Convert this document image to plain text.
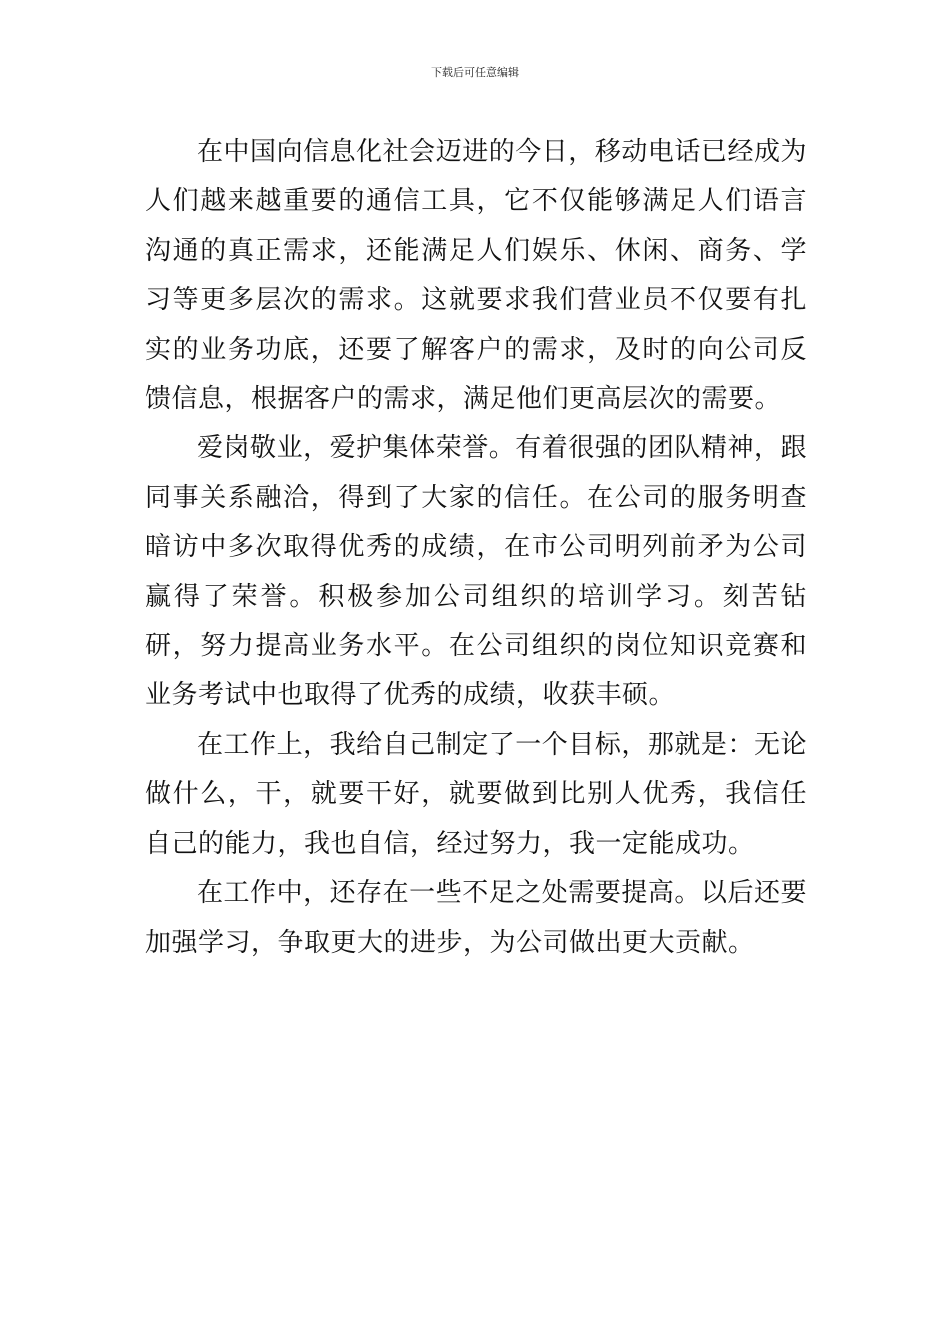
下载后可任意编辑

在中国向信息化社会迈进的今日，移动电话已经成为人们越来越重要的通信工具，它不仅能够满足人们语言沟通的真正需求，还能满足人们娱乐、休闲、商务、学习等更多层次的需求。这就要求我们营业员不仅要有扎实的业务功底，还要了解客户的需求，及时的向公司反馈信息，根据客户的需求，满足他们更高层次的需要。

爱岗敬业，爱护集体荣誉。有着很强的团队精神，跟同事关系融洽，得到了大家的信任。在公司的服务明查暗访中多次取得优秀的成绩，在市公司明列前矛为公司赢得了荣誉。积极参加公司组织的培训学习。刻苦钻研，努力提高业务水平。在公司组织的岗位知识竞赛和业务考试中也取得了优秀的成绩，收获丰硕。

在工作上，我给自己制定了一个目标，那就是：无论做什么，干，就要干好，就要做到比别人优秀，我信任自己的能力，我也自信，经过努力，我一定能成功。

在工作中，还存在一些不足之处需要提高。以后还要加强学习，争取更大的进步，为公司做出更大贡献。
